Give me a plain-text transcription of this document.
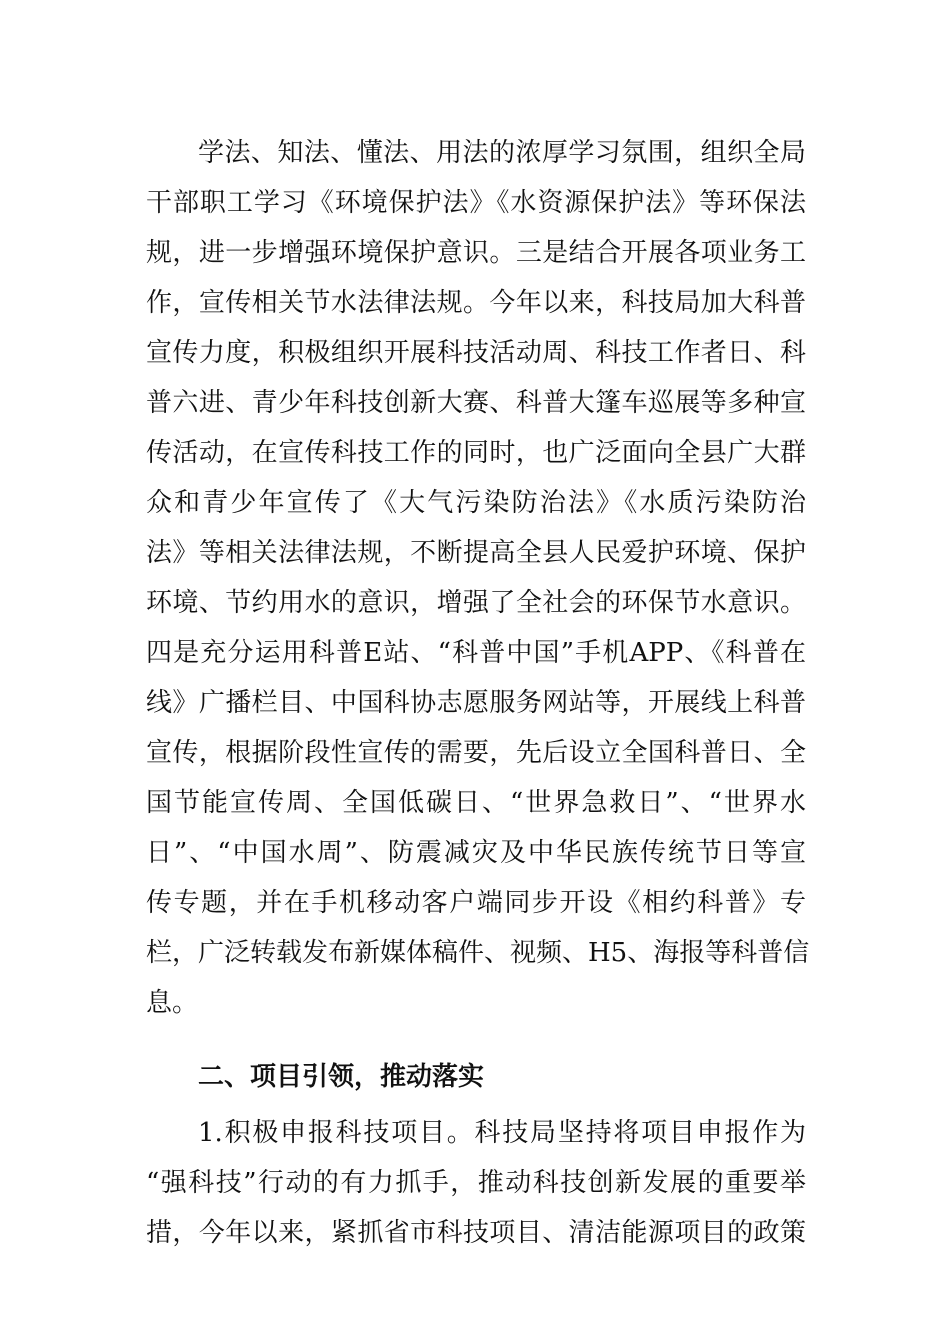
学法、知法、懂法、用法的浓厚学习氛围，组织全局
干部职工学习《环境保护法》《水资源保护法》等环保法
规，进一步增强环境保护意识。三是结合开展各项业务工
作，宣传相关节水法律法规。今年以来，科技局加大科普
宣传力度，积极组织开展科技活动周、科技工作者日、科
普六进、青少年科技创新大赛、科普大篷车巡展等多种宣
传活动，在宣传科技工作的同时，也广泛面向全县广大群
众和青少年宣传了《大气污染防治法》《水质污染防治
法》等相关法律法规，不断提高全县人民爱护环境、保护
环境、节约用水的意识，增强了全社会的环保节水意识。
四是充分运用科普E站、“科普中国”手机APP、《科普在
线》广播栏目、中国科协志愿服务网站等，开展线上科普
宣传，根据阶段性宣传的需要，先后设立全国科普日、全
国节能宣传周、全国低碳日、“世界急救日”、“世界水
日”、“中国水周”、防震减灾及中华民族传统节日等宣
传专题，并在手机移动客户端同步开设《相约科普》专
栏，广泛转载发布新媒体稿件、视频、H5、海报等科普信
息。
二、项目引领，推动落实
1.积极申报科技项目。科技局坚持将项目申报作为
“强科技”行动的有力抓手，推动科技创新发展的重要举
措，今年以来，紧抓省市科技项目、清洁能源项目的政策
